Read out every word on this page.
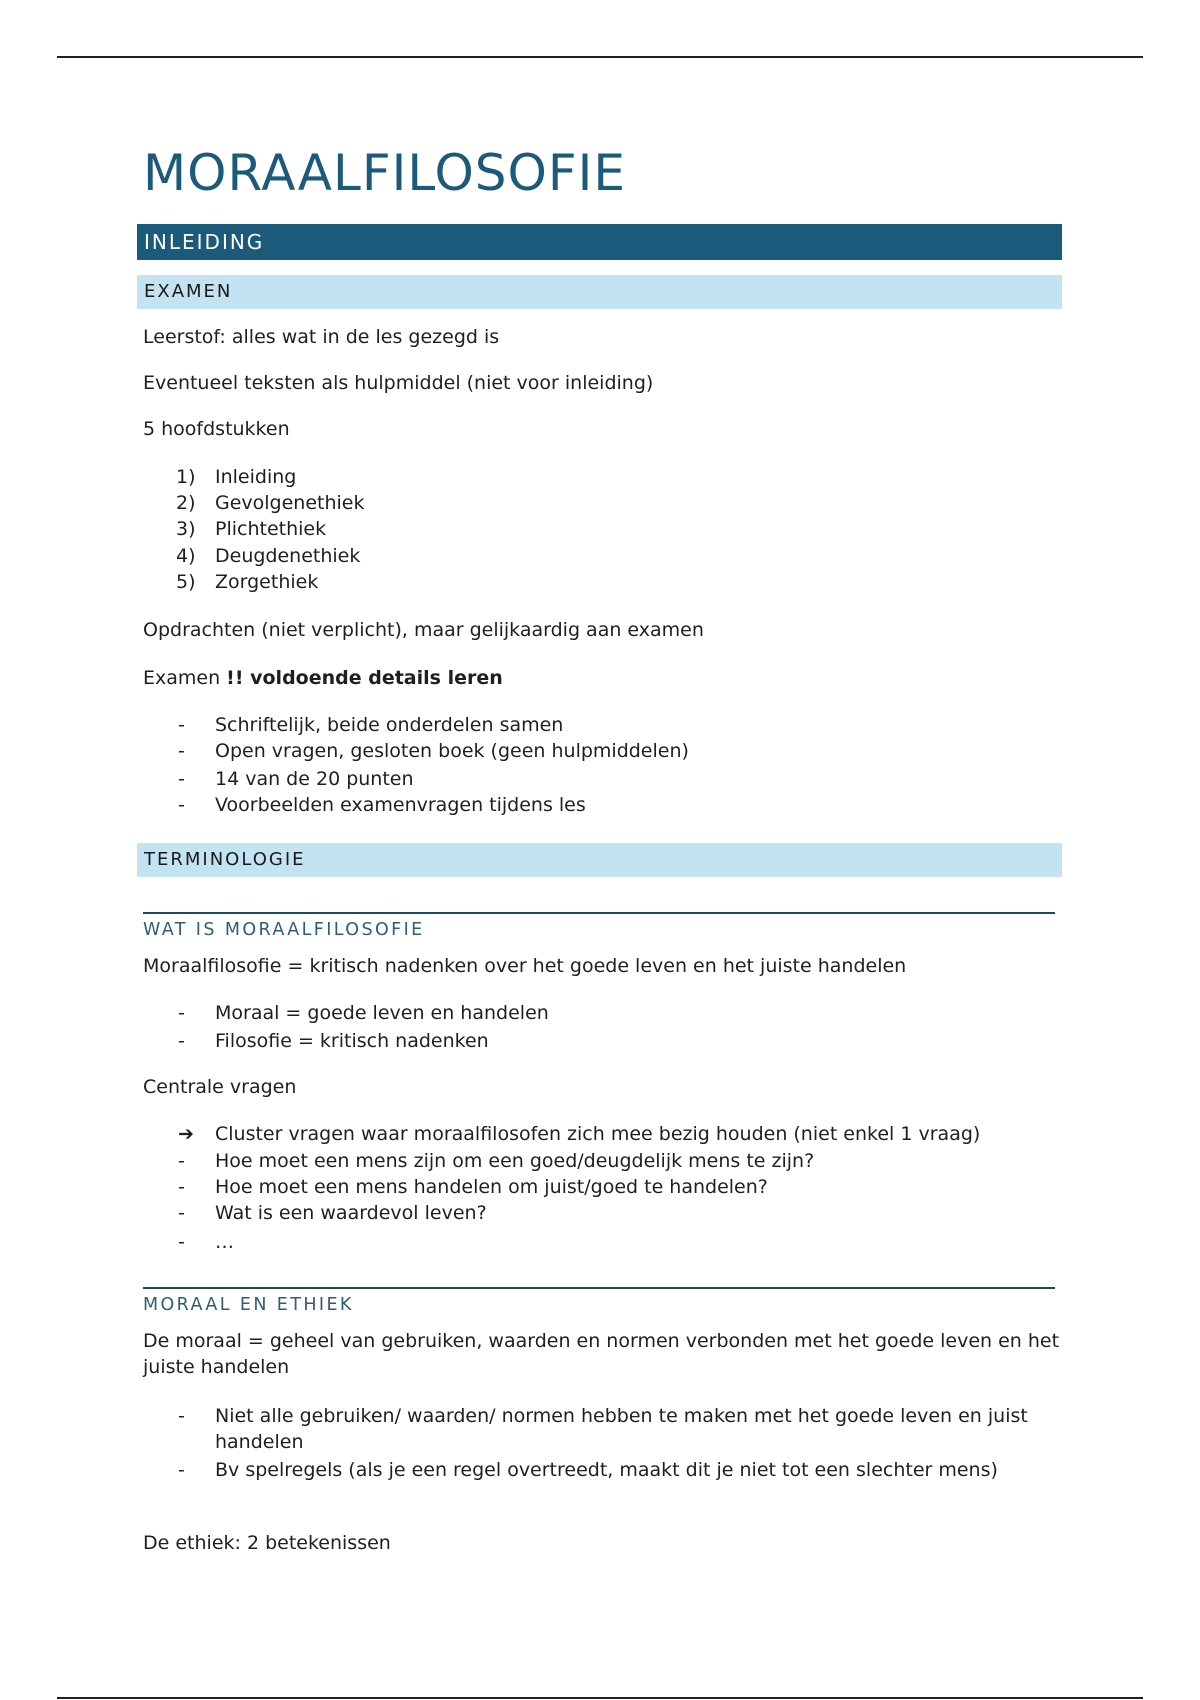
MORAALFILOSOFIE
INLEIDING
EXAMEN
Leerstof: alles wat in de les gezegd is
Eventueel teksten als hulpmiddel (niet voor inleiding)
5 hoofdstukken
1)	Inleiding
2)	Gevolgenethiek
3)	Plichtethiek
4)	Deugdenethiek
5)	Zorgethiek
Opdrachten (niet verplicht), maar gelijkaardig aan examen
Examen !! voldoende details leren
-	Schriftelijk, beide onderdelen samen
-	Open vragen, gesloten boek (geen hulpmiddelen)
-	14 van de 20 punten
-	Voorbeelden examenvragen tijdens les
TERMINOLOGIE
WAT IS MORAALFILOSOFIE
Moraalfilosofie = kritisch nadenken over het goede leven en het juiste handelen
-	Moraal = goede leven en handelen
-	Filosofie = kritisch nadenken
Centrale vragen
➔	Cluster vragen waar moraalfilosofen zich mee bezig houden (niet enkel 1 vraag)
-	Hoe moet een mens zijn om een goed/deugdelijk mens te zijn?
-	Hoe moet een mens handelen om juist/goed te handelen?
-	Wat is een waardevol leven?
-	…
MORAAL EN ETHIEK
De moraal = geheel van gebruiken, waarden en normen verbonden met het goede leven en het juiste handelen
-	Niet alle gebruiken/ waarden/ normen hebben te maken met het goede leven en juist handelen
-	Bv spelregels (als je een regel overtreedt, maakt dit je niet tot een slechter mens)
De ethiek: 2 betekenissen
